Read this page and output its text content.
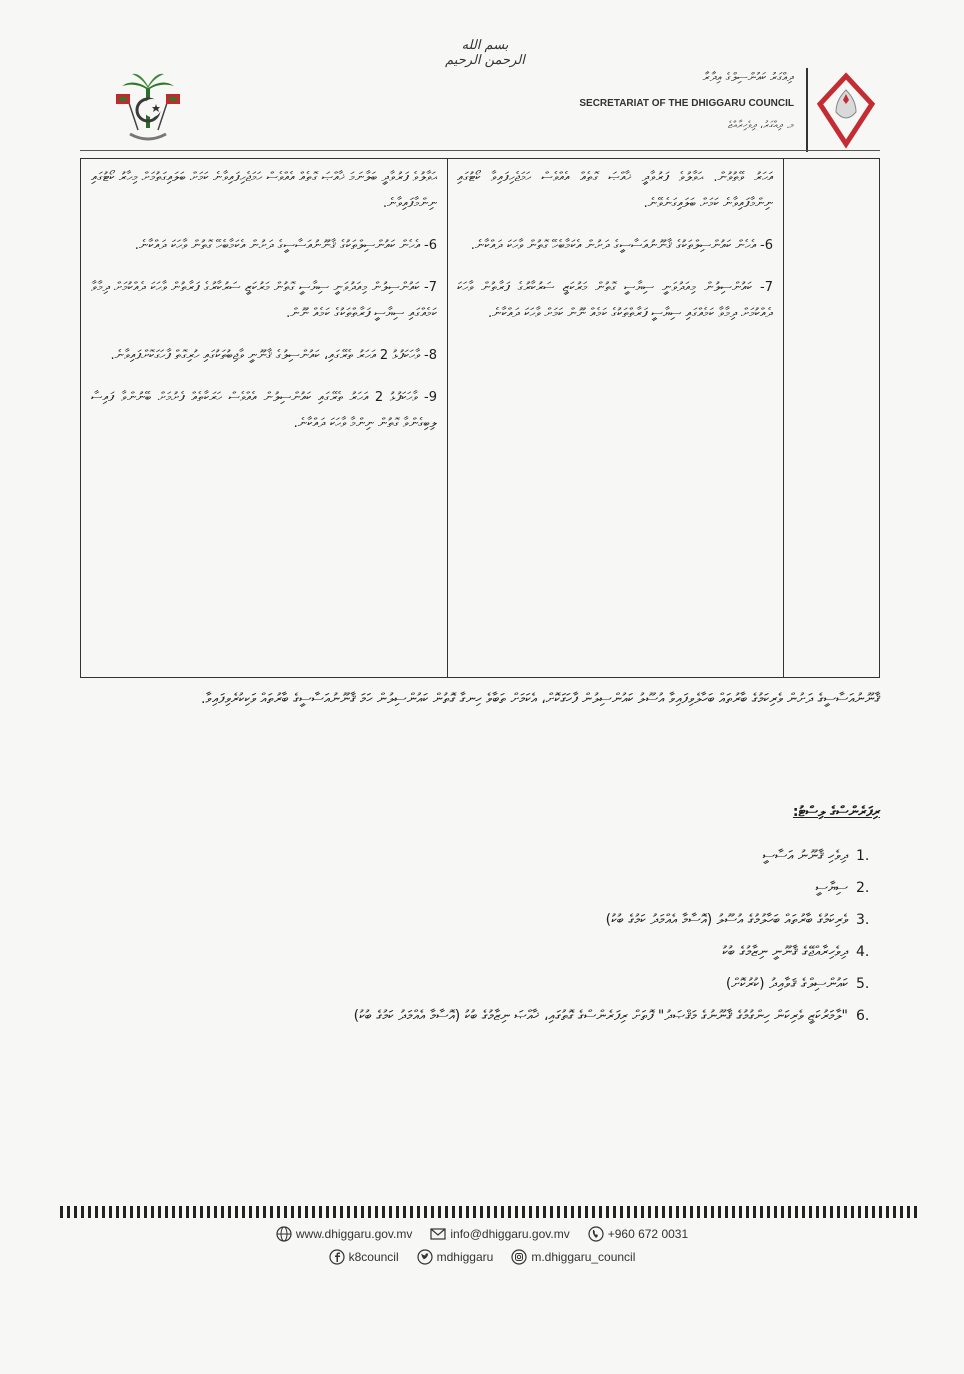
بسم الله الرحمن الرحيم
ދިއްގަރު ކައުންސިލްގެ އިދާރާ
SECRETARIAT OF THE DHIGGARU COUNCIL
މ. ދިއްގަރު، ދިވެހިރާއްޖެ

ޙަވާލުވެ ފަރުވާދީ ބަލާނަމަ ޚާއްޞަ ގޮތެއް އެއްވެސް ހަމަޖެހިފައިވާނެ ކަމަށް ބަލައިގަތުމަށް މިހާރު ކޯޓުގައި ނިންމާފައިވާނެ.

6- އެހެން ކައުންސިލްތަކުގެ ޤާނޫނުއަސާސީގެ ދަށުން އެކަމާބެހޭ ގޮތުން ވާހަކަ ދައްކާނެ.

7- ކައުންސިލުން މިއަދުވަނީ ސިޔާސީ ގޮތުން މަރުކަޒީ ސަރުކާރުގެ ފަރާތުން ވާހަކަ ދެއްކުމަށް ދިމާވާ ކަމެއްގައި ސިޔާސީ ފަރާތްތަކުގެ ކަމެއް ނޫން.

8- ވާހަކަފުޅު 2 އަހަރު ތެރޭގައި، ކައުންސިލުގެ ޤާނޫނީ ވާޖިބުތަކުގައި ހުރިގޮތް ފާހަގަކޮށްފައިވާނެ.

9- ވާހަކަފުޅު 2 އަހަރު ތެރޭގައި ކައުންސިލުން އެއްވެސް ހަރަކާތެއް ފެށުމަށް ބޭނުންވާ ފައިސާ ލިބިގެންވާ ގޮތުން ނިންމާ ވާހަކަ ދައްކާނެ.

އަހަރު ވޭތުވުން. ޙަވާލުވެ ފަރުވާދީ ޚާއްޞަ ގޮތެއް އެއްވެސް ހަމަޖެހިފައިވާ ކޯޓުގައި ނިންމާފައިވާނެ ކަމަށް ބަލައިގަނެވޭނެ.

6- އެހެން ކައުންސިލްތަކުގެ ޤާނޫނުއަސާސީގެ ދަށުން އެކަމާބެހޭ ގޮތުން ވާހަކަ ދައްކާނެ.

7- ކައުންސިލުން މިއަދުވަނީ ސިޔާސީ ގޮތުން މަރުކަޒީ ސަރުކާރުގެ ފަރާތުން ވާހަކަ ދެއްކުމަށް ދިމާވާ ކަމެއްގައި ސިޔާސީ ފަރާތްތަކުގެ ކަމެއް ނޫން ކަމަށް ވާހަކަ ދައްކާނެ.

ޤާނޫނުއަސާސީގެ ދަށުން ވެރިކަމުގެ ބާރުތައް ބަހާލެވިފައިވާ އުސޫލު ކައުންސިލުން ފާހަގަކޮށް، އެކަމަށް ތަބާވެ ހިނގާ ގޮތުން ކައުންސިލުން ހަމަ ޤާނޫނުއަސާސީގެ ބާރުތައް ވަކިކުރެވިފައިވާ.
ރިފަރެންސްގެ ލިސްޓު:
1.
ދިވެހި ޤާނޫނު އަސާސީ
2.
ސިޔާސީ
3.
ވެރިކަމުގެ ބާރުތައް ބަހާލުމުގެ އުސޫލު (އޮސާމާ އެއްމަދު ކަމުގެ ބުކު)
4.
ދިވެހިރާއްޖޭގެ ޤާނޫނީ ނިޒާމުގެ ބުކު
5.
ކައުންސިލްގެ ޤަވާއިދު (ކުރުކޮށް)
6.
"ލާމަރުކަޒީ ވެރިކަން ހިންގުމުގެ ޤާނޫނުގެ މަޤްޞަދު" ފޮތަށް ރިފަރެންސްގެ ގޮތުގައި، ޚާއްޞަ ނިޒާމުގެ ބުކު (އޮސާމާ އެއްމަދު ކަމުގެ ބުކު)
www.dhiggaru.gov.mv	info@dhiggaru.gov.mv	+960 672 0031
k8council	mdhiggaru	m.dhiggaru_council
